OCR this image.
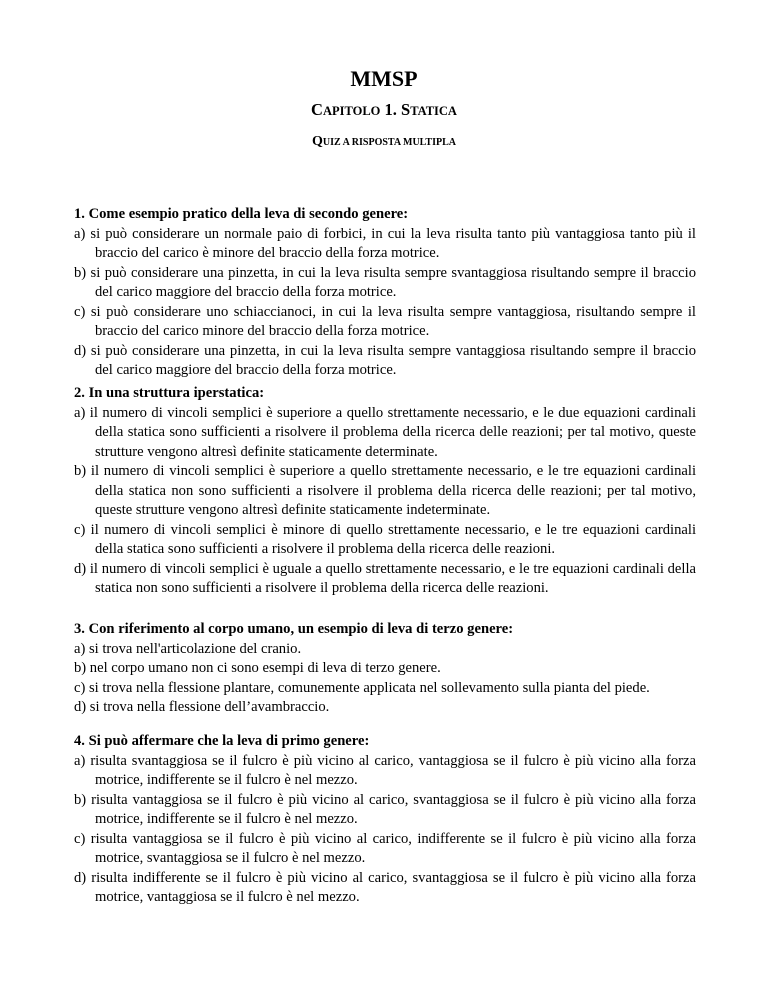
MMSP
CAPITOLO 1. STATICA
QUIZ A RISPOSTA MULTIPLA

1. Come esempio pratico della leva di secondo genere:

a) si può considerare un normale paio di forbici, in cui la leva risulta tanto più vantaggiosa tanto più il braccio del carico è minore del braccio della forza motrice.

b) si può considerare una pinzetta, in cui la leva risulta sempre svantaggiosa risultando sempre il braccio del carico maggiore del braccio della forza motrice.

c) si può considerare uno schiaccianoci, in cui la leva risulta sempre vantaggiosa, risultando sempre il braccio del carico minore del braccio della forza motrice.

d) si può considerare una pinzetta, in cui la leva risulta sempre vantaggiosa risultando sempre il braccio del carico maggiore del braccio della forza motrice.

2. In una struttura iperstatica:

a) il numero di vincoli semplici è superiore a quello strettamente necessario, e le due equazioni cardinali della statica sono sufficienti a risolvere il problema della ricerca delle reazioni; per tal motivo, queste strutture vengono altresì definite staticamente determinate.

b) il numero di vincoli semplici è superiore a quello strettamente necessario, e le tre equazioni cardinali della statica non sono sufficienti a risolvere il problema della ricerca delle reazioni; per tal motivo, queste strutture vengono altresì definite staticamente indeterminate.

c) il numero di vincoli semplici è minore di quello strettamente necessario, e le tre equazioni cardinali della statica sono sufficienti a risolvere il problema della ricerca delle reazioni.

d) il numero di vincoli semplici è uguale a quello strettamente necessario, e le tre equazioni cardinali della statica non sono sufficienti a risolvere il problema della ricerca delle reazioni.

3. Con riferimento al corpo umano, un esempio di leva di terzo genere:

a) si trova nell'articolazione del cranio.

b) nel corpo umano non ci sono esempi di leva di terzo genere.

c) si trova nella flessione plantare, comunemente applicata nel sollevamento sulla pianta del piede.

d) si trova nella flessione dell’avambraccio.

4. Si può affermare che la leva di primo genere:

a) risulta svantaggiosa se il fulcro è più vicino al carico, vantaggiosa se il fulcro è più vicino alla forza motrice, indifferente se il fulcro è nel mezzo.

b) risulta vantaggiosa se il fulcro è più vicino al carico, svantaggiosa se il fulcro è più vicino alla forza motrice, indifferente se il fulcro è nel mezzo.

c) risulta vantaggiosa se il fulcro è più vicino al carico, indifferente se il fulcro è più vicino alla forza motrice, svantaggiosa se il fulcro è nel mezzo.

d) risulta indifferente se il fulcro è più vicino al carico, svantaggiosa se il fulcro è più vicino alla forza motrice, vantaggiosa se il fulcro è nel mezzo.
